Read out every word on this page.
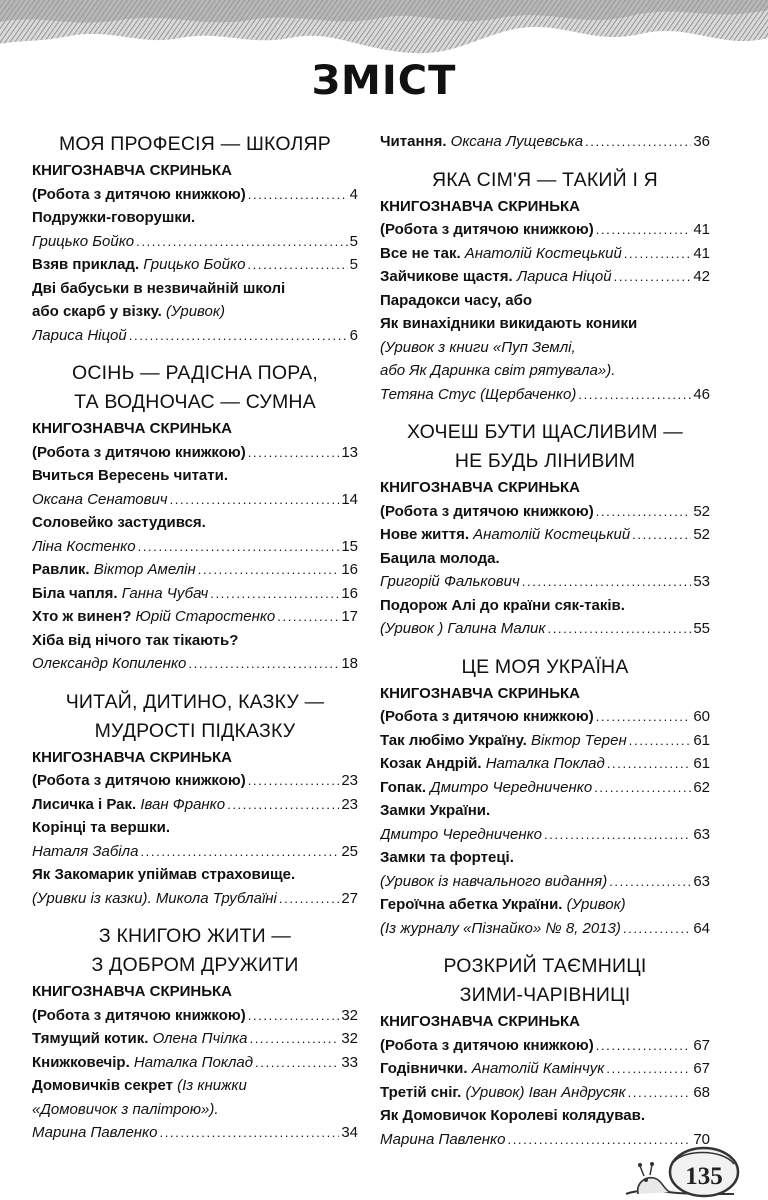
ЗМІСТ
МОЯ ПРОФЕСІЯ — ШКОЛЯР
КНИГОЗНАВЧА СКРИНЬКА
(Робота з дитячою книжкою) . . .	4
Подружки-говорушки.
Грицько Бойко . . .	5
Взяв приклад. Грицько Бойко . . .	5
Дві бабуськи в незвичайній школі
або скарб у візку. (Уривок)
Лариса Ніцой . . .	6
ОСІНЬ — РАДІСНА ПОРА,
ТА ВОДНОЧАС — СУМНА
КНИГОЗНАВЧА СКРИНЬКА
(Робота з дитячою книжкою) . . .	13
Вчиться Вересень читати.
Оксана Сенатович . . .	14
Соловейко застудився.
Ліна Костенко . . .	15
Равлик. Віктор Амелін . . .	16
Біла чапля. Ганна Чубач . . .	16
Хто ж винен? Юрій Старостенко . . .	17
Хіба від нічого так тікають?
Олександр Копиленко . . .	18
ЧИТАЙ, ДИТИНО, КАЗКУ —
МУДРОСТІ ПІДКАЗКУ
КНИГОЗНАВЧА СКРИНЬКА
(Робота з дитячою книжкою) . . .	23
Лисичка і Рак. Іван Франко . . .	23
Корінці та вершки.
Наталя Забіла . . .	25
Як Закомарик упіймав страховище.
(Уривки із казки). Микола Трублаїні . . .	27
З КНИГОЮ ЖИТИ —
З ДОБРОМ ДРУЖИТИ
КНИГОЗНАВЧА СКРИНЬКА
(Робота з дитячою книжкою) . . .	32
Тямущий котик. Олена Пчілка . . .	32
Книжковечір. Наталка Поклад . . .	33
Домовичків секрет (Із книжки
«Домовичок з палітрою»).
Марина Павленко . . .	34
Читання. Оксана Лущевська . . .	36
ЯКА СІМ'Я — ТАКИЙ І Я
КНИГОЗНАВЧА СКРИНЬКА
(Робота з дитячою книжкою) . . .	41
Все не так. Анатолій Костецький . . .	41
Зайчикове щастя. Лариса Ніцой . . .	42
Парадокси часу, або
Як винахідники викидають коники
(Уривок з книги «Пуп Землі,
або Як Даринка світ рятувала»).
Тетяна Стус (Щербаченко) . . .	46
ХОЧЕШ БУТИ ЩАСЛИВИМ —
НЕ БУДЬ ЛІНИВИМ
КНИГОЗНАВЧА СКРИНЬКА
(Робота з дитячою книжкою) . . .	52
Нове життя. Анатолій Костецький . . .	52
Бацила молода.
Григорій Фалькович . . .	53
Подорож Алі до країни сяк-таків.
(Уривок ) Галина Малик . . .	55
ЦЕ МОЯ УКРАЇНА
КНИГОЗНАВЧА СКРИНЬКА
(Робота з дитячою книжкою) . . .	60
Так любімо Україну. Віктор Терен . . .	61
Козак Андрій. Наталка Поклад . . .	61
Гопак. Дмитро Чередниченко . . .	62
Замки України.
Дмитро Чередниченко . . .	63
Замки та фортеці.
(Уривок із навчального видання) . . .	63
Героїчна абетка України. (Уривок)
(Із журналу «Пізнайко» № 8, 2013) . . .	64
РОЗКРИЙ ТАЄМНИЦІ
ЗИМИ-ЧАРІВНИЦІ
КНИГОЗНАВЧА СКРИНЬКА
(Робота з дитячою книжкою) . . .	67
Годівнички. Анатолій Камінчук . . .	67
Третій сніг. (Уривок) Іван Андрусяк . . .	68
Як Домовичок Королеві колядував.
Марина Павленко . . .	70
135
